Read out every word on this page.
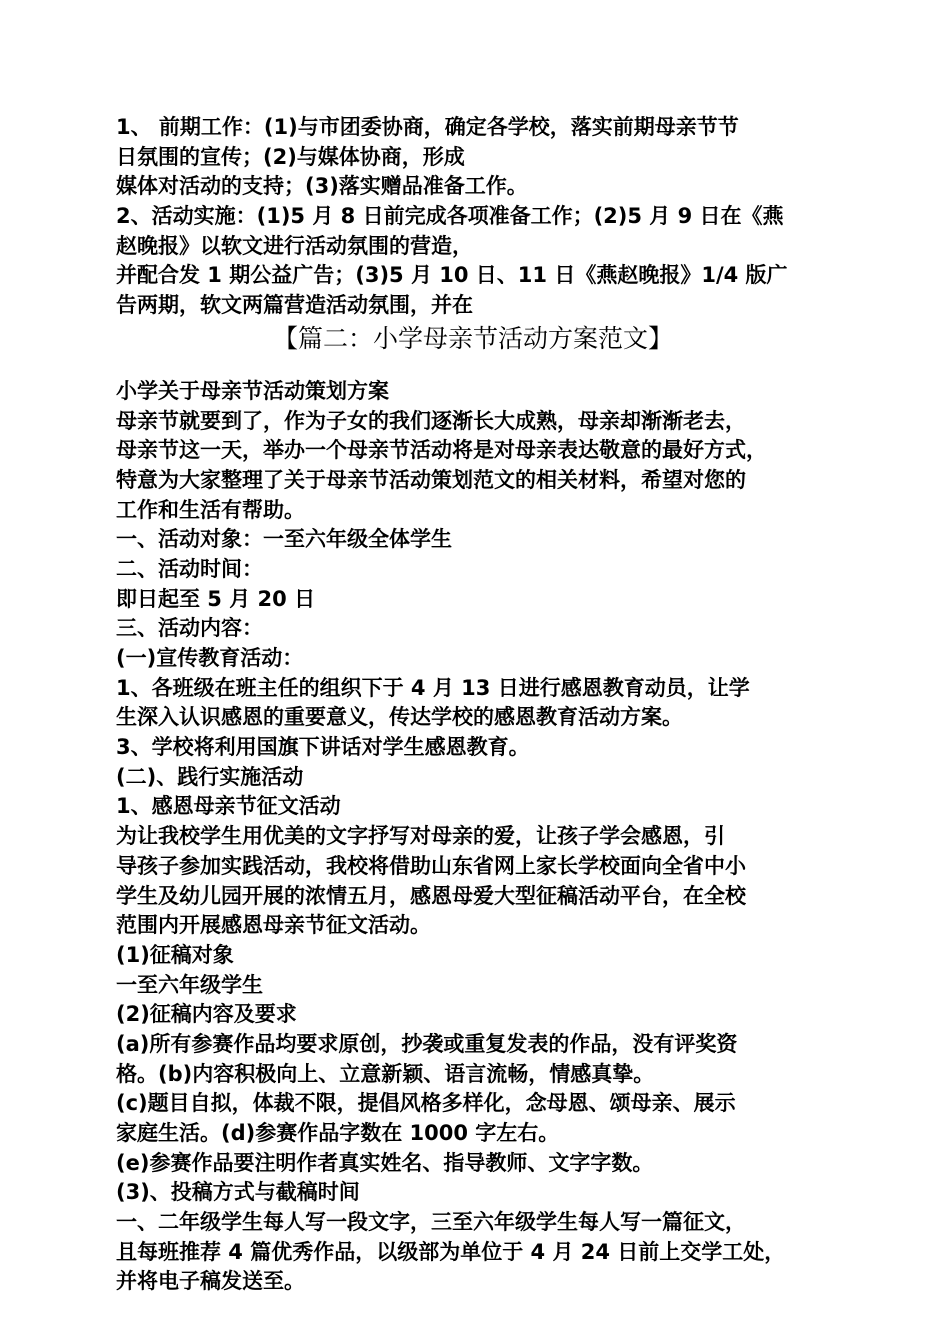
1、 前期工作：(1)与市团委协商，确定各学校，落实前期母亲节节
日氛围的宣传；(2)与媒体协商，形成
媒体对活动的支持；(3)落实赠品准备工作。
2、活动实施：(1)5 月 8 日前完成各项准备工作；(2)5 月 9 日在《燕
赵晚报》以软文进行活动氛围的营造，
并配合发 1 期公益广告；(3)5 月 10 日、11 日《燕赵晚报》1/4 版广
告两期，软文两篇营造活动氛围，并在
【篇二：小学母亲节活动方案范文】
小学关于母亲节活动策划方案
母亲节就要到了，作为子女的我们逐渐长大成熟，母亲却渐渐老去，
母亲节这一天，举办一个母亲节活动将是对母亲表达敬意的最好方式，
特意为大家整理了关于母亲节活动策划范文的相关材料，希望对您的
工作和生活有帮助。
一、活动对象：一至六年级全体学生
二、活动时间：
即日起至 5 月 20 日
三、活动内容：
(一)宣传教育活动：
1、各班级在班主任的组织下于 4 月 13 日进行感恩教育动员，让学
生深入认识感恩的重要意义，传达学校的感恩教育活动方案。
3、学校将利用国旗下讲话对学生感恩教育。
(二)、践行实施活动
1、感恩母亲节征文活动
为让我校学生用优美的文字抒写对母亲的爱，让孩子学会感恩，引
导孩子参加实践活动，我校将借助山东省网上家长学校面向全省中小
学生及幼儿园开展的浓情五月，感恩母爱大型征稿活动平台，在全校
范围内开展感恩母亲节征文活动。
(1)征稿对象
一至六年级学生
(2)征稿内容及要求
(a)所有参赛作品均要求原创，抄袭或重复发表的作品，没有评奖资
格。(b)内容积极向上、立意新颖、语言流畅，情感真挚。
(c)题目自拟，体裁不限，提倡风格多样化，念母恩、颂母亲、展示
家庭生活。(d)参赛作品字数在 1000 字左右。
(e)参赛作品要注明作者真实姓名、指导教师、文字字数。
(3)、投稿方式与截稿时间
一、二年级学生每人写一段文字，三至六年级学生每人写一篇征文，
且每班推荐 4 篇优秀作品，以级部为单位于 4 月 24 日前上交学工处，
并将电子稿发送至。
